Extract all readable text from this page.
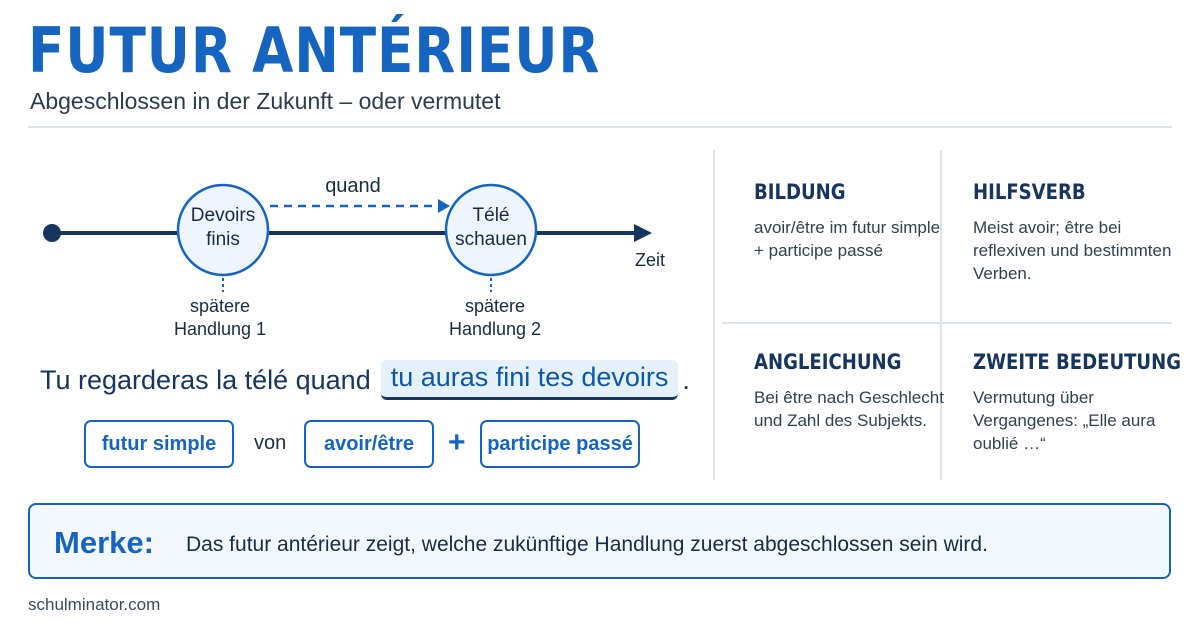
FUTUR ANTÉRIEUR
Abgeschlossen in der Zukunft – oder vermutet
quand
Devoirs
finis
Télé
schauen
Zeit
spätere
Handlung 1
spätere
Handlung 2
Tu regarderas la télé quand tu auras fini tes devoirs .
futur simple	von	avoir/être	+	participe passé
BILDUNG
avoir/être im futur simple + participe passé
HILFSVERB
Meist avoir; être bei reflexiven und bestimmten Verben.
ANGLEICHUNG
Bei être nach Geschlecht und Zahl des Subjekts.
ZWEITE BEDEUTUNG
Vermutung über Vergangenes: „Elle aura oublié …“
Merke: Das futur antérieur zeigt, welche zukünftige Handlung zuerst abgeschlossen sein wird.
schulminator.com
